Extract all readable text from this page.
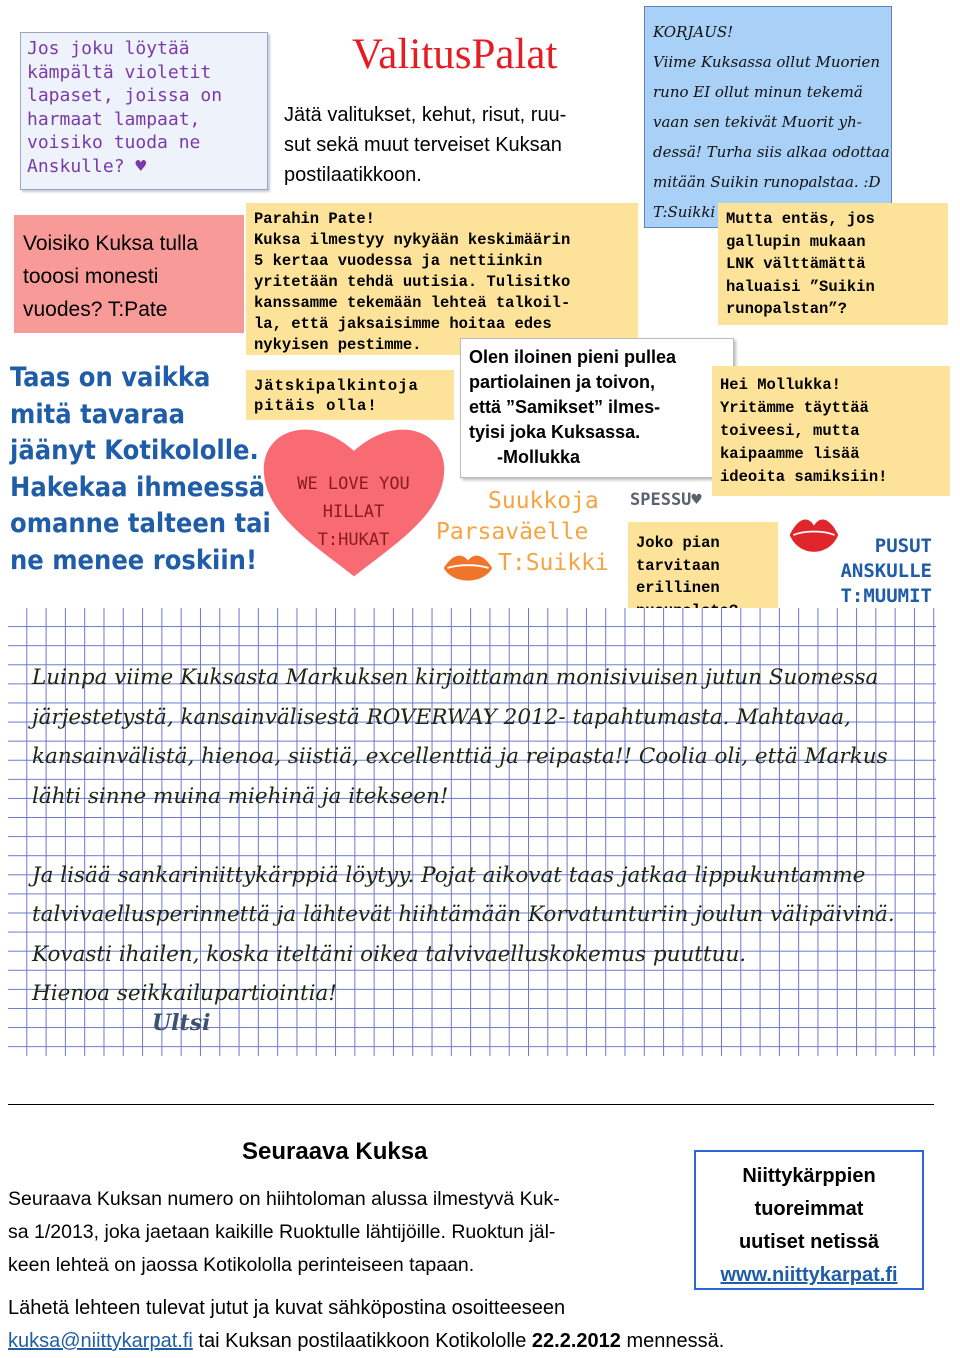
Jos joku löytää
kämpältä violetit
lapaset, joissa on
harmaat lampaat,
voisiko tuoda ne
Anskulle? ♥
Voisiko Kuksa tulla
tooosi monesti
vuodes? T:Pate
Taas on vaikka
mitä tavaraa
jäänyt Kotikololle.
Hakekaa ihmeessä
omanne talteen tai
ne menee roskiin!
ValitusPalat
Jätä valitukset, kehut, risut, ruu-
sut sekä muut terveiset Kuksan
postilaatikkoon.
Parahin Pate!
Kuksa ilmestyy nykyään keskimäärin
5 kertaa vuodessa ja nettiinkin
yritetään tehdä uutisia. Tulisitko
kanssamme tekemään lehteä talkoil-
la, että jaksaisimme hoitaa edes
nykyisen pestimme.
Jätskipalkintoja
pitäis olla!
WE LOVE YOU
HILLAT
T:HUKAT
Olen iloinen pieni pullea
partiolainen ja toivon,
että ”Samikset” ilmes-
tyisi joka Kuksassa.
-Mollukka
Suukkoja
Parsaväelle
T:Suikki
SPESSU♥
KORJAUS!
Viime Kuksassa ollut Muorien
runo EI ollut minun tekemä
vaan sen tekivät Muorit yh-
dessä! Turha siis alkaa odottaa
mitään Suikin runopalstaa. :D
T:Suikki Mutta entäs, jos
gallupin mukaan
LNK välttämättä
haluaisi ”Suikin
runopalstan”?
Hei Mollukka!
Yritämme täyttää
toiveesi, mutta
kaipaamme lisää
ideoita samiksiin!
Joko pian
tarvitaan
erillinen
PUSUT
ANSKULLE
T:MUUMIT
Luinpa viime Kuksasta Markuksen kirjoittaman monisivuisen jutun Suomessa
järjestetystä, kansainvälisestä ROVERWAY 2012- tapahtumasta. Mahtavaa,
kansainvälistä, hienoa, siistiä, excellenttiä ja reipasta!! Coolia oli, että Markus
lähti sinne muina miehinä ja itekseen!

Ja lisää sankariniittykärppiä löytyy. Pojat aikovat taas jatkaa lippukuntamme
talvivaellusperinnettä ja lähtevät hiihtämään Korvatunturiin joulun välipäivinä.
Kovasti ihailen, koska iteltäni oikea talvivaelluskokemus puuttuu.
Hienoa seikkailupartiointia!
Ultsi
Seuraava Kuksa
Seuraava Kuksan numero on hiihtoloman alussa ilmestyvä Kuk-
sa 1/2013, joka jaetaan kaikille Ruoktulle lähtijöille. Ruoktun jäl-
keen lehteä on jaossa Kotikololla perinteiseen tapaan.
Niittykärppien
tuoreimmat
uutiset netissä
www.niittykarpat.fi
Lähetä lehteen tulevat jutut ja kuvat sähköpostina osoitteeseen
kuksa@niittykarpat.fi tai Kuksan postilaatikkoon Kotikololle 22.2.2012 mennessä.
